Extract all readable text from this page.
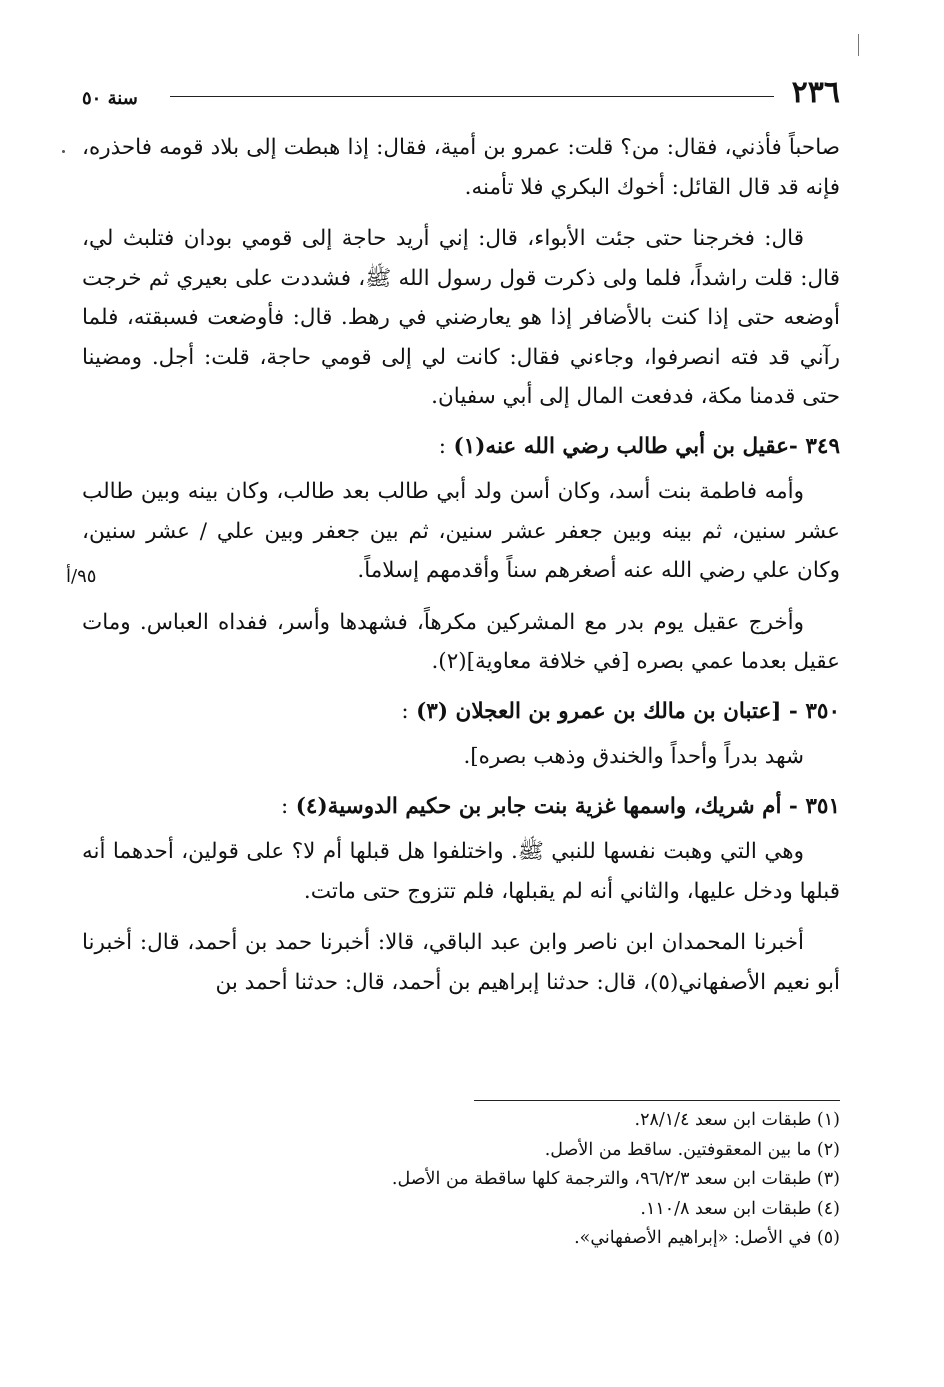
٢٣٦
سنة ٥٠

صاحباً فأذني، فقال: من؟ قلت: عمرو بن أمية، فقال: إذا هبطت إلى بلاد قومه فاحذره، فإنه قد قال القائل: أخوك البكري فلا تأمنه.

قال: فخرجنا حتى جئت الأبواء، قال: إني أريد حاجة إلى قومي بودان فتلبث لي، قال: قلت راشداً، فلما ولى ذكرت قول رسول الله ﷺ، فشددت على بعيري ثم خرجت أوضعه حتى إذا كنت بالأضافر إذا هو يعارضني في رهط. قال: فأوضعت فسبقته، فلما رآني قد فته انصرفوا، وجاءني فقال: كانت لي إلى قومي حاجة، قلت: أجل. ومضينا حتى قدمنا مكة، فدفعت المال إلى أبي سفيان.

٣٤٩ -عقيل بن أبي طالب رضي الله عنه(١) :

وأمه فاطمة بنت أسد، وكان أسن ولد أبي طالب بعد طالب، وكان بينه وبين طالب عشر سنين، ثم بينه وبين جعفر عشر سنين، ثم بين جعفر وبين علي / عشر سنين، وكان علي رضي الله عنه أصغرهم سناً وأقدمهم إسلاماً.

وأخرج عقيل يوم بدر مع المشركين مكرهاً، فشهدها وأسر، ففداه العباس. ومات عقيل بعدما عمي بصره [في خلافة معاوية](٢).

٣٥٠ - [عتبان بن مالك بن عمرو بن العجلان (٣) :

شهد بدراً وأحداً والخندق وذهب بصره].

٣٥١ - أم شريك، واسمها غزية بنت جابر بن حكيم الدوسية(٤) :

وهي التي وهبت نفسها للنبي ﷺ. واختلفوا هل قبلها أم لا؟ على قولين، أحدهما أنه قبلها ودخل عليها، والثاني أنه لم يقبلها، فلم تتزوج حتى ماتت.

أخبرنا المحمدان ابن ناصر وابن عبد الباقي، قالا: أخبرنا حمد بن أحمد، قال: أخبرنا أبو نعيم الأصفهاني(٥)، قال: حدثنا إبراهيم بن أحمد، قال: حدثنا أحمد بن

٩٥/أ

(١) طبقات ابن سعد ٢٨/١/٤.

(٢) ما بين المعقوفتين. ساقط من الأصل.

(٣) طبقات ابن سعد ٩٦/٢/٣، والترجمة كلها ساقطة من الأصل.

(٤) طبقات ابن سعد ١١٠/٨.

(٥) في الأصل: «إبراهيم الأصفهاني».
